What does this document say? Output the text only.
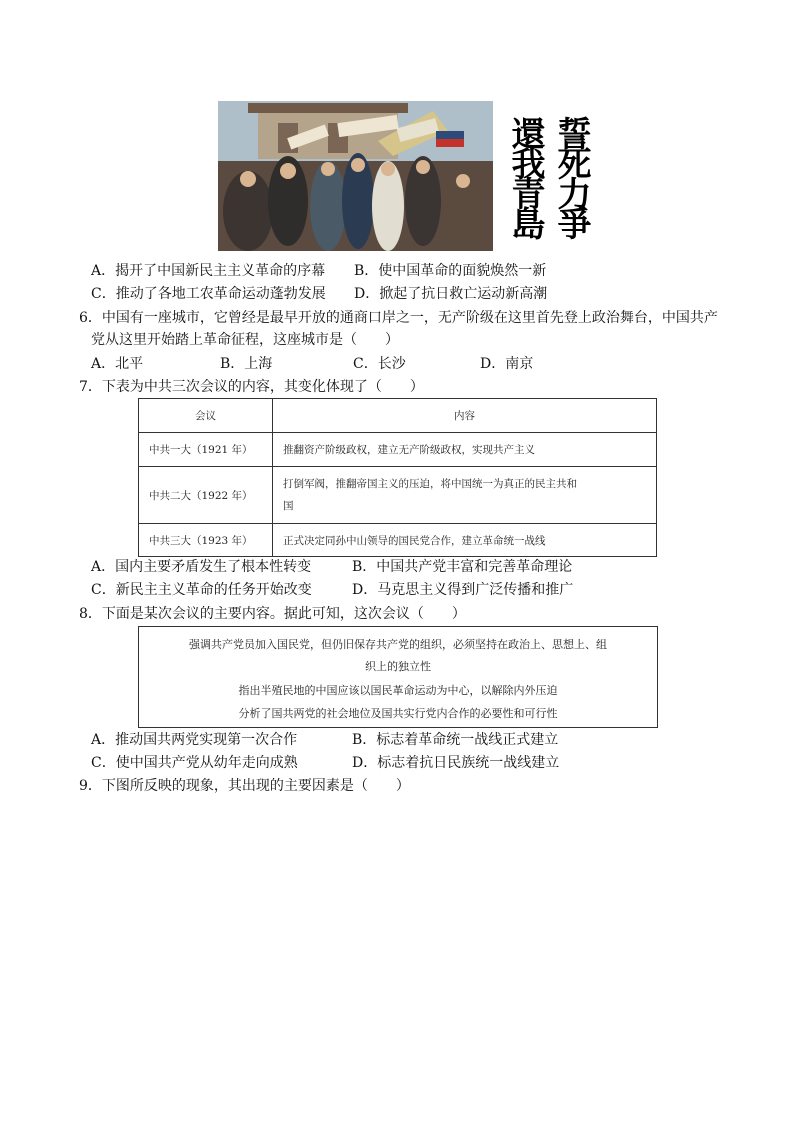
誓死力爭
還我青島
A．揭开了中国新民主主义革命的序幕 B．使中国革命的面貌焕然一新
C．推动了各地工农革命运动蓬勃发展 D．掀起了抗日救亡运动新高潮
6．中国有一座城市，它曾经是最早开放的通商口岸之一，无产阶级在这里首先登上政治舞台，中国共产
党从这里开始踏上革命征程，这座城市是（　　）
A．北平	B．上海	C．长沙	D．南京
7．下表为中共三次会议的内容，其变化体现了（　　）
会议	内容
中共一大（1921 年）	推翻资产阶级政权，建立无产阶级政权，实现共产主义
中共二大（1922 年）	打倒军阀，推翻帝国主义的压迫，将中国统一为真正的民主共和
国
中共三大（1923 年）	正式决定同孙中山领导的国民党合作，建立革命统一战线
A．国内主要矛盾发生了根本性转变	B．中国共产党丰富和完善革命理论
C．新民主主义革命的任务开始改变	D．马克思主义得到广泛传播和推广
8．下面是某次会议的主要内容。据此可知，这次会议（　　）
强调共产党员加入国民党，但仍旧保存共产党的组织，必须坚持在政治上、思想上、组
织上的独立性
指出半殖民地的中国应该以国民革命运动为中心，以解除内外压迫
分析了国共两党的社会地位及国共实行党内合作的必要性和可行性
A．推动国共两党实现第一次合作	B．标志着革命统一战线正式建立
C．使中国共产党从幼年走向成熟	D．标志着抗日民族统一战线建立
9．下图所反映的现象，其出现的主要因素是（　　）
